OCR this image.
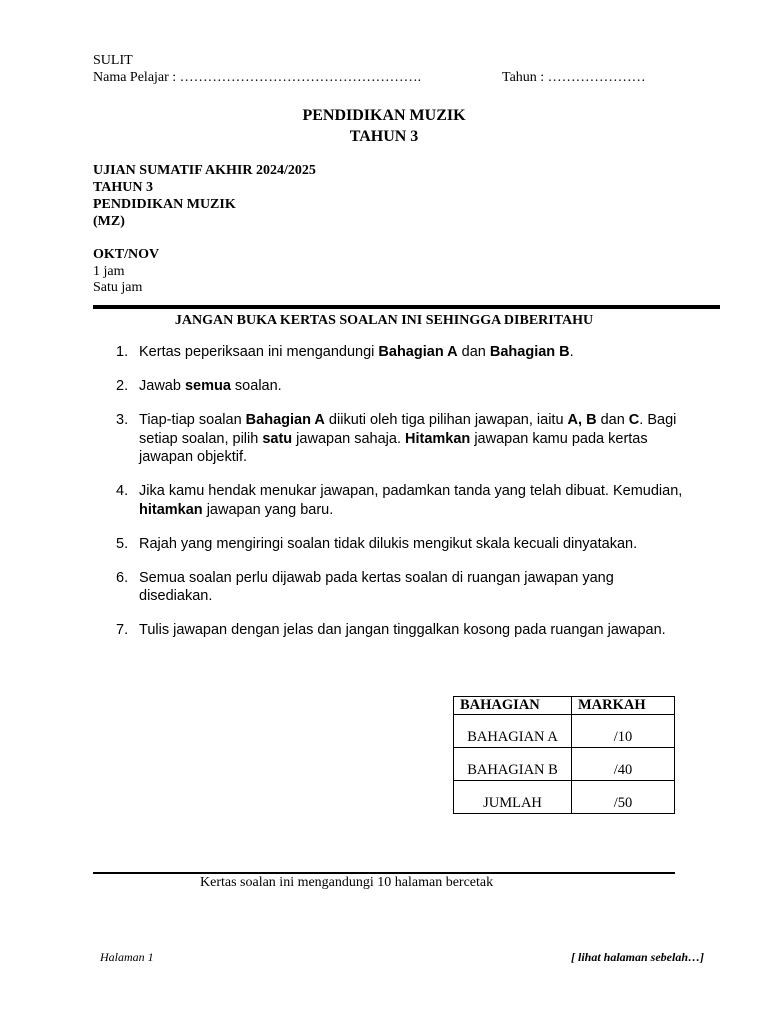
SULIT
Nama Pelajar : …………………………………………….	Tahun : …………………
PENDIDIKAN MUZIK
TAHUN 3
UJIAN SUMATIF AKHIR 2024/2025
TAHUN 3
PENDIDIKAN MUZIK
(MZ)
OKT/NOV
1 jam
Satu jam
JANGAN BUKA KERTAS SOALAN INI SEHINGGA DIBERITAHU
1. Kertas peperiksaan ini mengandungi Bahagian A dan Bahagian B.
2. Jawab semua soalan.
3. Tiap-tiap soalan Bahagian A diikuti oleh tiga pilihan jawapan, iaitu A, B dan C. Bagi setiap soalan, pilih satu jawapan sahaja. Hitamkan jawapan kamu pada kertas jawapan objektif.
4. Jika kamu hendak menukar jawapan, padamkan tanda yang telah dibuat. Kemudian, hitamkan jawapan yang baru.
5. Rajah yang mengiringi soalan tidak dilukis mengikut skala kecuali dinyatakan.
6. Semua soalan perlu dijawab pada kertas soalan di ruangan jawapan yang disediakan.
7. Tulis jawapan dengan jelas dan jangan tinggalkan kosong pada ruangan jawapan.
BAHAGIAN	MARKAH
BAHAGIAN A	/10
BAHAGIAN B	/40
JUMLAH	/50
Kertas soalan ini mengandungi 10 halaman bercetak
Halaman 1	[ lihat halaman sebelah…]
